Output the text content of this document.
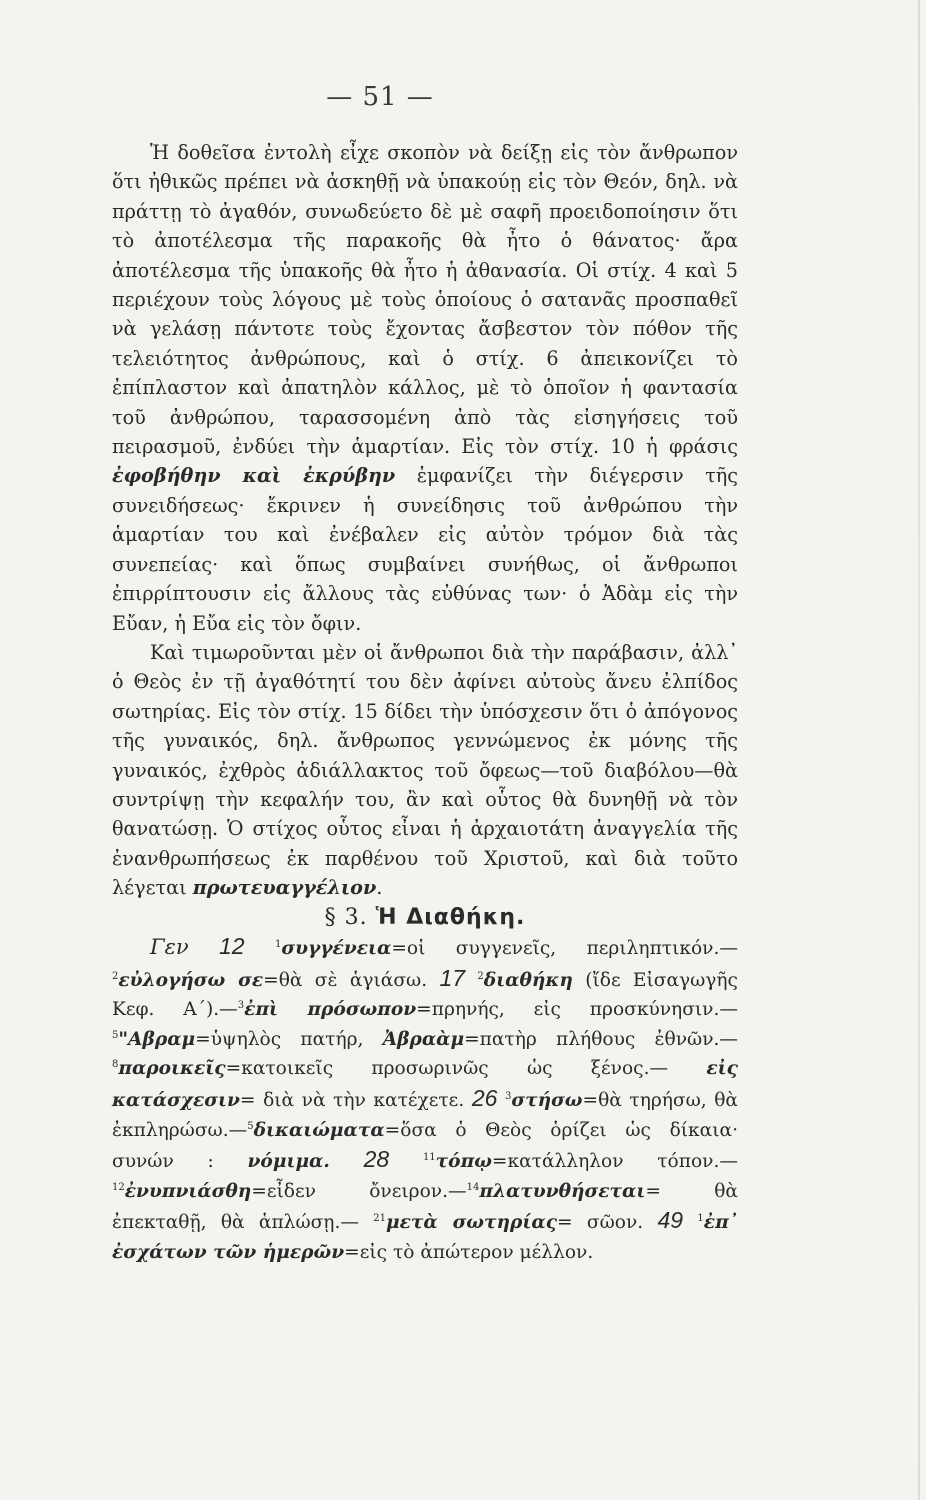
— 51 —

Ἡ δοθεῖσα ἐντολὴ εἶχε σκοπὸν νὰ δείξῃ εἰς τὸν ἄνθρωπον ὅτι ἠθικῶς πρέπει νὰ ἀσκηθῇ νὰ ὑπακούῃ εἰς τὸν Θεόν, δηλ. νὰ πράττῃ τὸ ἀγαθόν, συνωδεύετο δὲ μὲ σαφῆ προειδοποίησιν ὅτι τὸ ἀποτέλεσμα τῆς παρακοῆς θὰ ἦτο ὁ θάνατος· ἄρα ἀποτέλεσμα τῆς ὑπακοῆς θὰ ἦτο ἡ ἀθανασία. Οἱ στίχ. 4 καὶ 5 περιέχουν τοὺς λόγους μὲ τοὺς ὁποίους ὁ σατανᾶς προσπαθεῖ νὰ γελάσῃ πάντοτε τοὺς ἔχοντας ἄσβεστον τὸν πόθον τῆς τελειότητος ἀνθρώπους, καὶ ὁ στίχ. 6 ἀπεικονίζει τὸ ἐπίπλαστον καὶ ἀπατηλὸν κάλλος, μὲ τὸ ὁποῖον ἡ φαντασία τοῦ ἀνθρώπου, ταρασσομένη ἀπὸ τὰς εἰσηγήσεις τοῦ πειρασμοῦ, ἐνδύει τὴν ἁμαρτίαν. Εἰς τὸν στίχ. 10 ἡ φράσις ἐφοβήθην καὶ ἐκρύβην ἐμφανίζει τὴν διέγερσιν τῆς συνειδήσεως· ἔκρινεν ἡ συνείδησις τοῦ ἀνθρώπου τὴν ἁμαρτίαν του καὶ ἐνέβαλεν εἰς αὐτὸν τρόμον διὰ τὰς συνεπείας· καὶ ὅπως συμβαίνει συνήθως, οἱ ἄνθρωποι ἐπιρρίπτουσιν εἰς ἄλλους τὰς εὐθύνας των· ὁ Ἀδὰμ εἰς τὴν Εὔαν, ἡ Εὔα εἰς τὸν ὄφιν.

Καὶ τιμωροῦνται μὲν οἱ ἄνθρωποι διὰ τὴν παράβασιν, ἀλλ᾽ ὁ Θεὸς ἐν τῇ ἀγαθότητί του δὲν ἀφίνει αὐτοὺς ἄνευ ἐλπίδος σωτηρίας. Εἰς τὸν στίχ. 15 δίδει τὴν ὑπόσχεσιν ὅτι ὁ ἀπόγονος τῆς γυναικός, δηλ. ἄνθρωπος γεννώμενος ἐκ μόνης τῆς γυναικός, ἐχθρὸς ἀδιάλλακτος τοῦ ὄφεως—τοῦ διαβόλου—θὰ συντρίψῃ τὴν κεφαλήν του, ἂν καὶ οὗτος θὰ δυνηθῇ νὰ τὸν θανατώσῃ. Ὁ στίχος οὗτος εἶναι ἡ ἀρχαιοτάτη ἀναγγελία τῆς ἐνανθρωπήσεως ἐκ παρθένου τοῦ Χριστοῦ, καὶ διὰ τοῦτο λέγεται πρωτευαγγέλιον.

§ 3. Ἡ Διαθήκη.

Γεν 12	$^1$συγγένεια=οἱ συγγενεῖς, περιληπτικόν.—$^2$εὐλογήσω σε=θὰ σὲ ἁγιάσω. 17 $^2$διαθήκη (ἴδε Εἰσαγωγῆς Κεφ. Α΄).—$^3$ἐπὶ πρόσωπον=πρηνής, εἰς προσκύνησιν.—$^5$"Αβραμ=ὑψηλὸς πατήρ, Ἀβραὰμ=πατὴρ πλήθους ἐθνῶν.—$^8$παροικεῖς=κατοικεῖς προσωρινῶς ὡς ξένος.— εἰς κατάσχεσιν= διὰ νὰ τὴν κατέχετε. 26 $^3$στήσω=θὰ τηρήσω, θὰ ἐκπληρώσω.—$^5$δικαιώματα=ὅσα ὁ Θεὸς ὁρίζει ὡς δίκαια· συνών : νόμιμα. 28	$^{11}$τόπῳ=κατάλληλον τόπον.—$^{12}$ἐνυπνιάσθη=εἶδεν ὄνειρον.—$^{14}$πλατυνθήσεται= θὰ ἐπεκταθῇ, θὰ ἁπλώσῃ.— $^{21}$μετὰ σωτηρίας= σῶον. 49 $^1$ἐπ᾽ ἐσχάτων τῶν ἡμερῶν=εἰς τὸ ἀπώτερον μέλλον.
